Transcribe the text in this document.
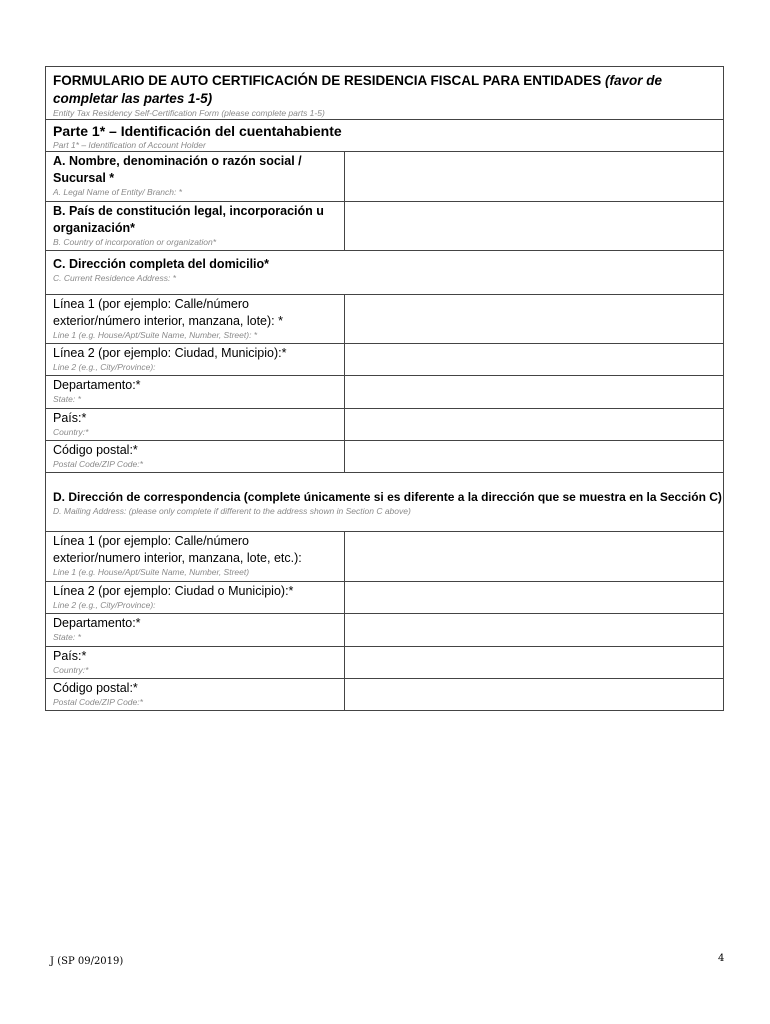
FORMULARIO DE AUTO CERTIFICACIÓN DE RESIDENCIA FISCAL PARA ENTIDADES (favor de completar las partes 1-5)
Entity Tax Residency Self-Certification Form (please complete parts 1-5)
Parte 1* – Identificación del cuentahabiente
Part 1* – Identification of Account Holder
A. Nombre, denominación o razón social / Sucursal *
A. Legal Name of Entity/ Branch: *
B. País de constitución legal, incorporación u organización*
B. Country of incorporation or organization*
C. Dirección completa del domicilio*
C. Current Residence Address: *
Línea 1 (por ejemplo: Calle/número exterior/número interior, manzana, lote): *
Line 1 (e.g. House/Apt/Suite Name, Number, Street): *
Línea 2 (por ejemplo: Ciudad, Municipio):*
Line 2 (e.g., City/Province):
Departamento:*
State: *
País:*
Country:*
Código postal:*
Postal Code/ZIP Code:*
D. Dirección de correspondencia (complete únicamente si es diferente a la dirección que se muestra en la Sección C)
D. Mailing Address: (please only complete if different to the address shown in Section C above)
Línea 1 (por ejemplo: Calle/número exterior/numero interior, manzana, lote, etc.):
Line 1 (e.g. House/Apt/Suite Name, Number, Street)
Línea 2 (por ejemplo: Ciudad o Municipio):*
Line 2 (e.g., City/Province):
Departamento:*
State: *
País:*
Country:*
Código postal:*
Postal Code/ZIP Code:*
J (SP 09/2019)	4
